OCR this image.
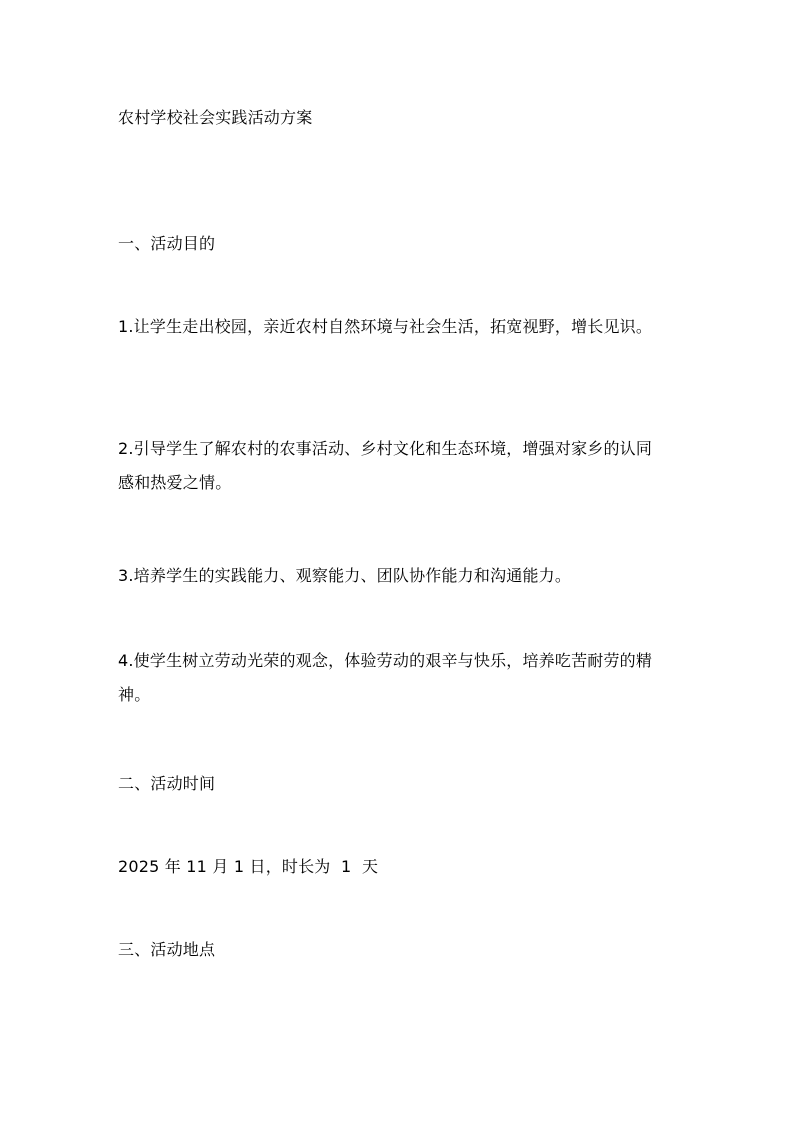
农村学校社会实践活动方案
一、活动目的
1.让学生走出校园，亲近农村自然环境与社会生活，拓宽视野，增长见识。
2.引导学生了解农村的农事活动、乡村文化和生态环境，增强对家乡的认同感和热爱之情。
3.培养学生的实践能力、观察能力、团队协作能力和沟通能力。
4.使学生树立劳动光荣的观念，体验劳动的艰辛与快乐，培养吃苦耐劳的精神。
二、活动时间
2025 年 11 月 1 日，时长为  1  天
三、活动地点
